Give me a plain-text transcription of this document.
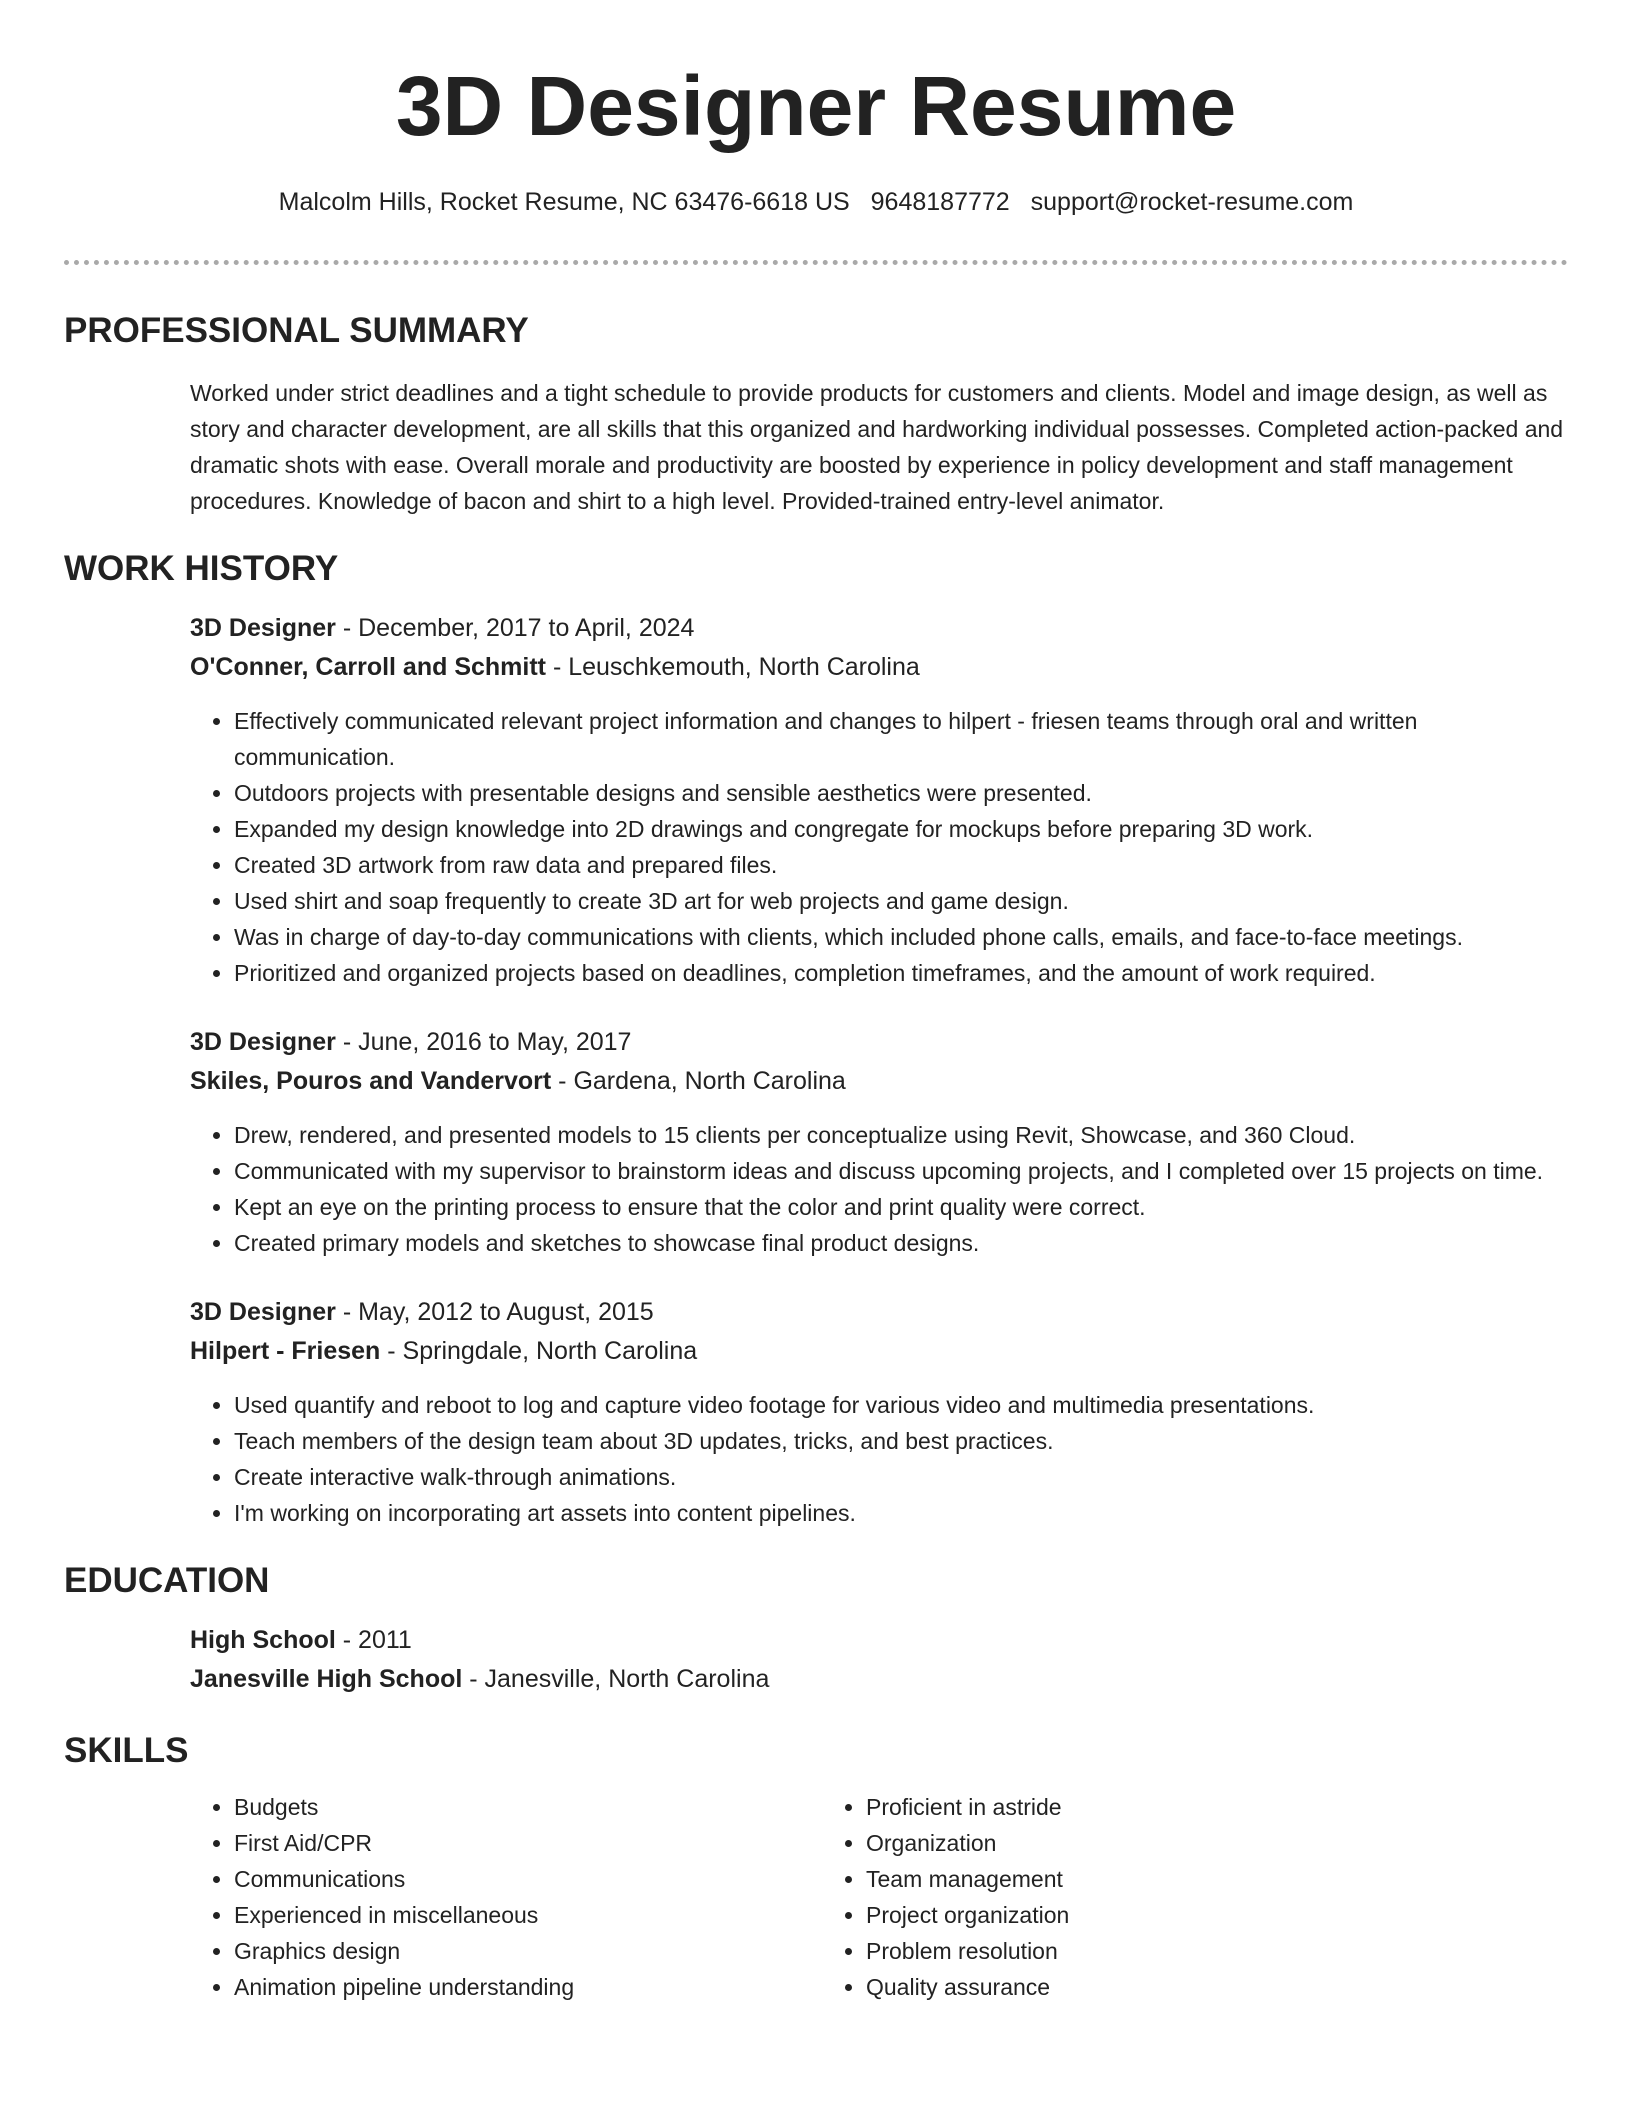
3D Designer Resume
Malcolm Hills, Rocket Resume, NC 63476-6618 US 9648187772 support@rocket-resume.com
PROFESSIONAL SUMMARY

Worked under strict deadlines and a tight schedule to provide products for customers and clients. Model and image design, as well as story and character development, are all skills that this organized and hardworking individual possesses. Completed action-packed and dramatic shots with ease. Overall morale and productivity are boosted by experience in policy development and staff management procedures. Knowledge of bacon and shirt to a high level. Provided-trained entry-level animator.

WORK HISTORY
3D Designer - December, 2017 to April, 2024
O'Conner, Carroll and Schmitt - Leuschkemouth, North Carolina
• Effectively communicated relevant project information and changes to hilpert - friesen teams through oral and written communication.
• Outdoors projects with presentable designs and sensible aesthetics were presented.
• Expanded my design knowledge into 2D drawings and congregate for mockups before preparing 3D work.
• Created 3D artwork from raw data and prepared files.
• Used shirt and soap frequently to create 3D art for web projects and game design.
• Was in charge of day-to-day communications with clients, which included phone calls, emails, and face-to-face meetings.
• Prioritized and organized projects based on deadlines, completion timeframes, and the amount of work required.
3D Designer - June, 2016 to May, 2017
Skiles, Pouros and Vandervort - Gardena, North Carolina
• Drew, rendered, and presented models to 15 clients per conceptualize using Revit, Showcase, and 360 Cloud.
• Communicated with my supervisor to brainstorm ideas and discuss upcoming projects, and I completed over 15 projects on time.
• Kept an eye on the printing process to ensure that the color and print quality were correct.
• Created primary models and sketches to showcase final product designs.
3D Designer - May, 2012 to August, 2015
Hilpert - Friesen - Springdale, North Carolina
• Used quantify and reboot to log and capture video footage for various video and multimedia presentations.
• Teach members of the design team about 3D updates, tricks, and best practices.
• Create interactive walk-through animations.
• I'm working on incorporating art assets into content pipelines.
EDUCATION
High School - 2011
Janesville High School - Janesville, North Carolina
SKILLS
• Budgets
• First Aid/CPR
• Communications
• Experienced in miscellaneous
• Graphics design
• Animation pipeline understanding
• Proficient in astride
• Organization
• Team management
• Project organization
• Problem resolution
• Quality assurance
